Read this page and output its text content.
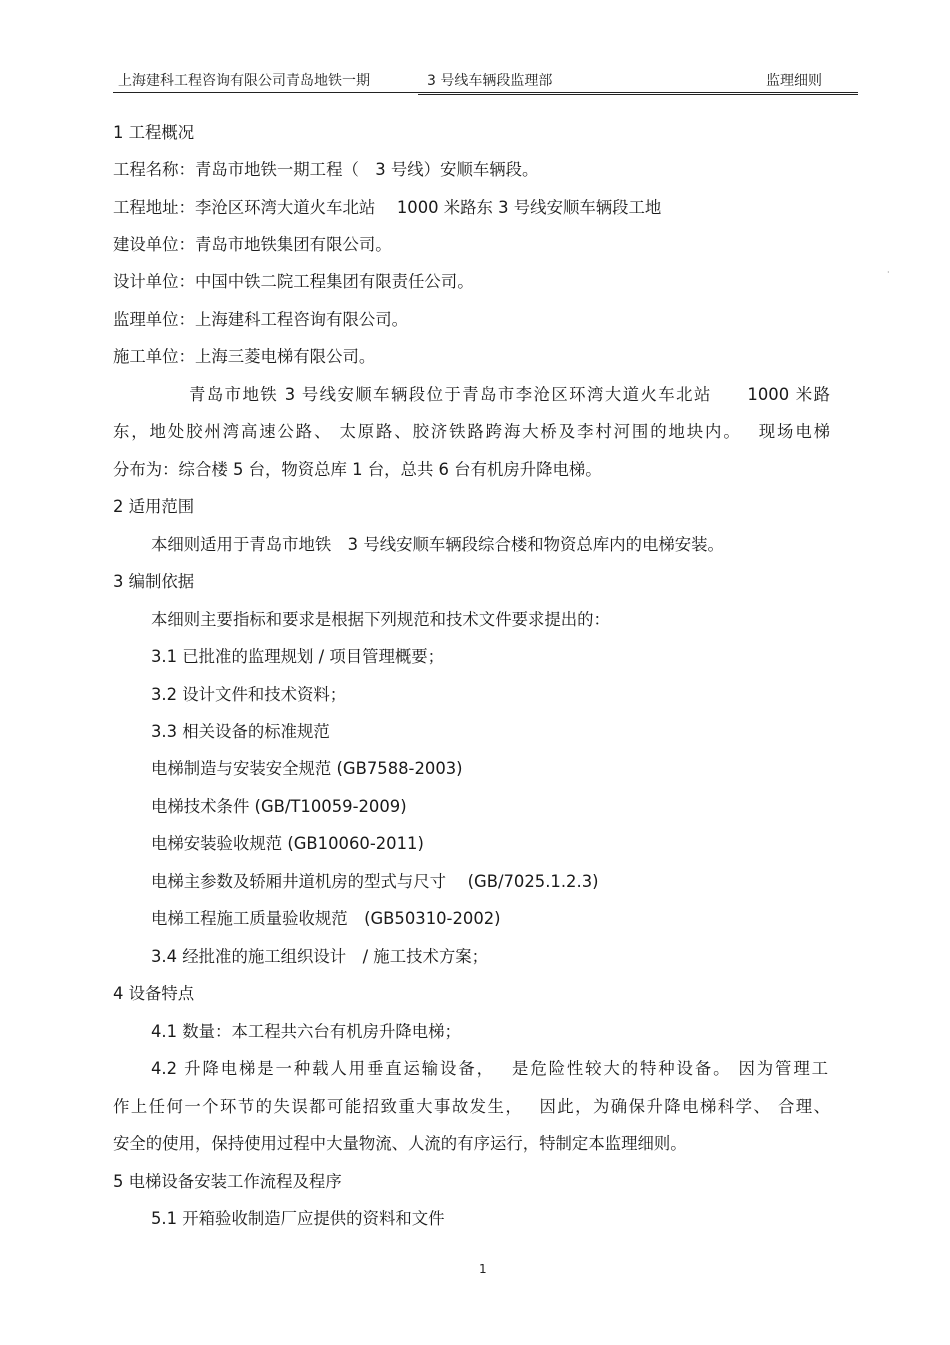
上海建科工程咨询有限公司青岛地铁一期	3 号线车辆段监理部	监理细则
1 工程概况
工程名称：青岛市地铁一期工程（　3 号线）安顺车辆段。
工程地址：李沧区环湾大道火车北站　 1000 米路东 3 号线安顺车辆段工地
建设单位：青岛市地铁集团有限公司。
设计单位：中国中铁二院工程集团有限责任公司。
监理单位：上海建科工程咨询有限公司。
施工单位：上海三菱电梯有限公司。
青岛市地铁 3 号线安顺车辆段位于青岛市李沧区环湾大道火车北站　　1000 米路
东，地处胶州湾高速公路、 太原路、胶济铁路跨海大桥及李村河围的地块内。　 现场电梯
分布为：综合楼 5 台，物资总库 1 台，总共 6 台有机房升降电梯。
2 适用范围
本细则适用于青岛市地铁　3 号线安顺车辆段综合楼和物资总库内的电梯安装。
3 编制依据
本细则主要指标和要求是根据下列规范和技术文件要求提出的：
3.1 已批准的监理规划 / 项目管理概要；
3.2 设计文件和技术资料；
3.3 相关设备的标准规范
电梯制造与安装安全规范 (GB7588-2003)
电梯技术条件 (GB/T10059-2009)
电梯安装验收规范 (GB10060-2011)
电梯主参数及轿厢井道机房的型式与尺寸　 (GB/7025.1.2.3)
电梯工程施工质量验收规范　(GB50310-2002)
3.4 经批准的施工组织设计　/ 施工技术方案；
4 设备特点
4.1 数量：本工程共六台有机房升降电梯；
4.2 升降电梯是一种载人用垂直运输设备，　 是危险性较大的特种设备。 因为管理工
作上任何一个环节的失误都可能招致重大事故发生，　 因此，为确保升降电梯科学、 合理、
安全的使用，保持使用过程中大量物流、人流的有序运行，特制定本监理细则。
5 电梯设备安装工作流程及程序
5.1 开箱验收制造厂应提供的资料和文件
·
1
